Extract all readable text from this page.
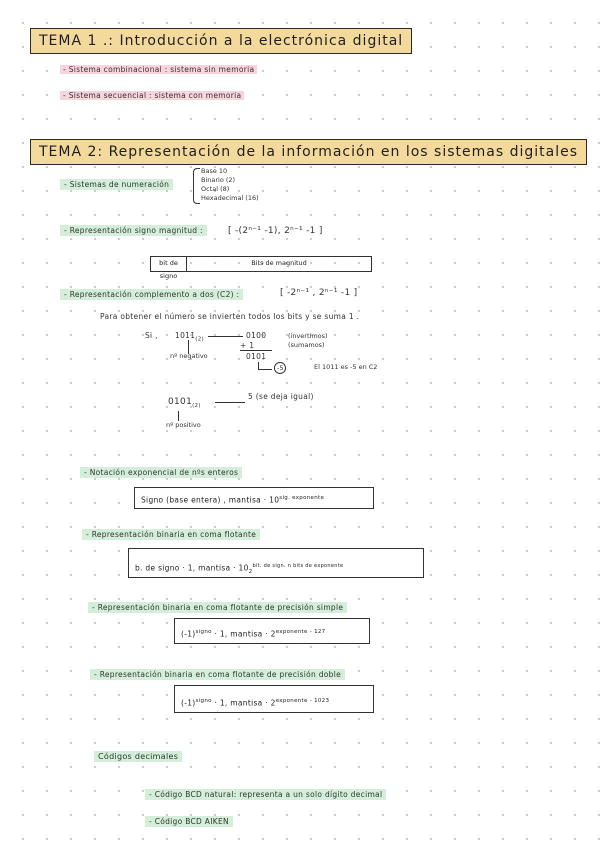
TEMA 1 .: Introducción a la electrónica digital
- Sistema combinacional : sistema sin memoria
- Sistema secuencial : sistema con memoria
TEMA 2: Representación de la información en los sistemas digitales
- Sistemas de numeración
Base 10
Binario (2)
Octal (8)
Hexadecimal (16)
- Representación signo magnitud :	[ -(2ⁿ⁻¹ -1), 2ⁿ⁻¹ -1 ]
bit de signo
Bits de magnitud
- Representación complemento a dos (C2) :	[ -2ⁿ⁻¹ , 2ⁿ⁻¹ -1 ]
Para obtener el número se invierten todos los bits y se suma 1 .
Si , $1011_{(2)}$
nº negativo
0100	(invertimos)
+ 1	(sumamos)
0101
-5	El 1011 es -5 en C2
$0101_{(2)}$
5 (se deja igual)
nº positivo
- Notación exponencial de nºs enteros
Signo (base entera) , mantisa · $10^{sig. exponente}$
- Representación binaria en coma flotante
b. de signo · 1, mantisa · $10_2^{bit. de sign. n bits de exponente}$
- Representación binaria en coma flotante de precisión simple
$(-1)^{signo} \cdot 1$, mantisa · $2^{exponente - 127}$
- Representación binaria en coma flotante de precisión doble
$(-1)^{signo} \cdot 1$, mantisa · $2^{exponente - 1023}$
Códigos decimales
- Código BCD natural: representa a un solo dígito decimal
- Código BCD AIKEN
